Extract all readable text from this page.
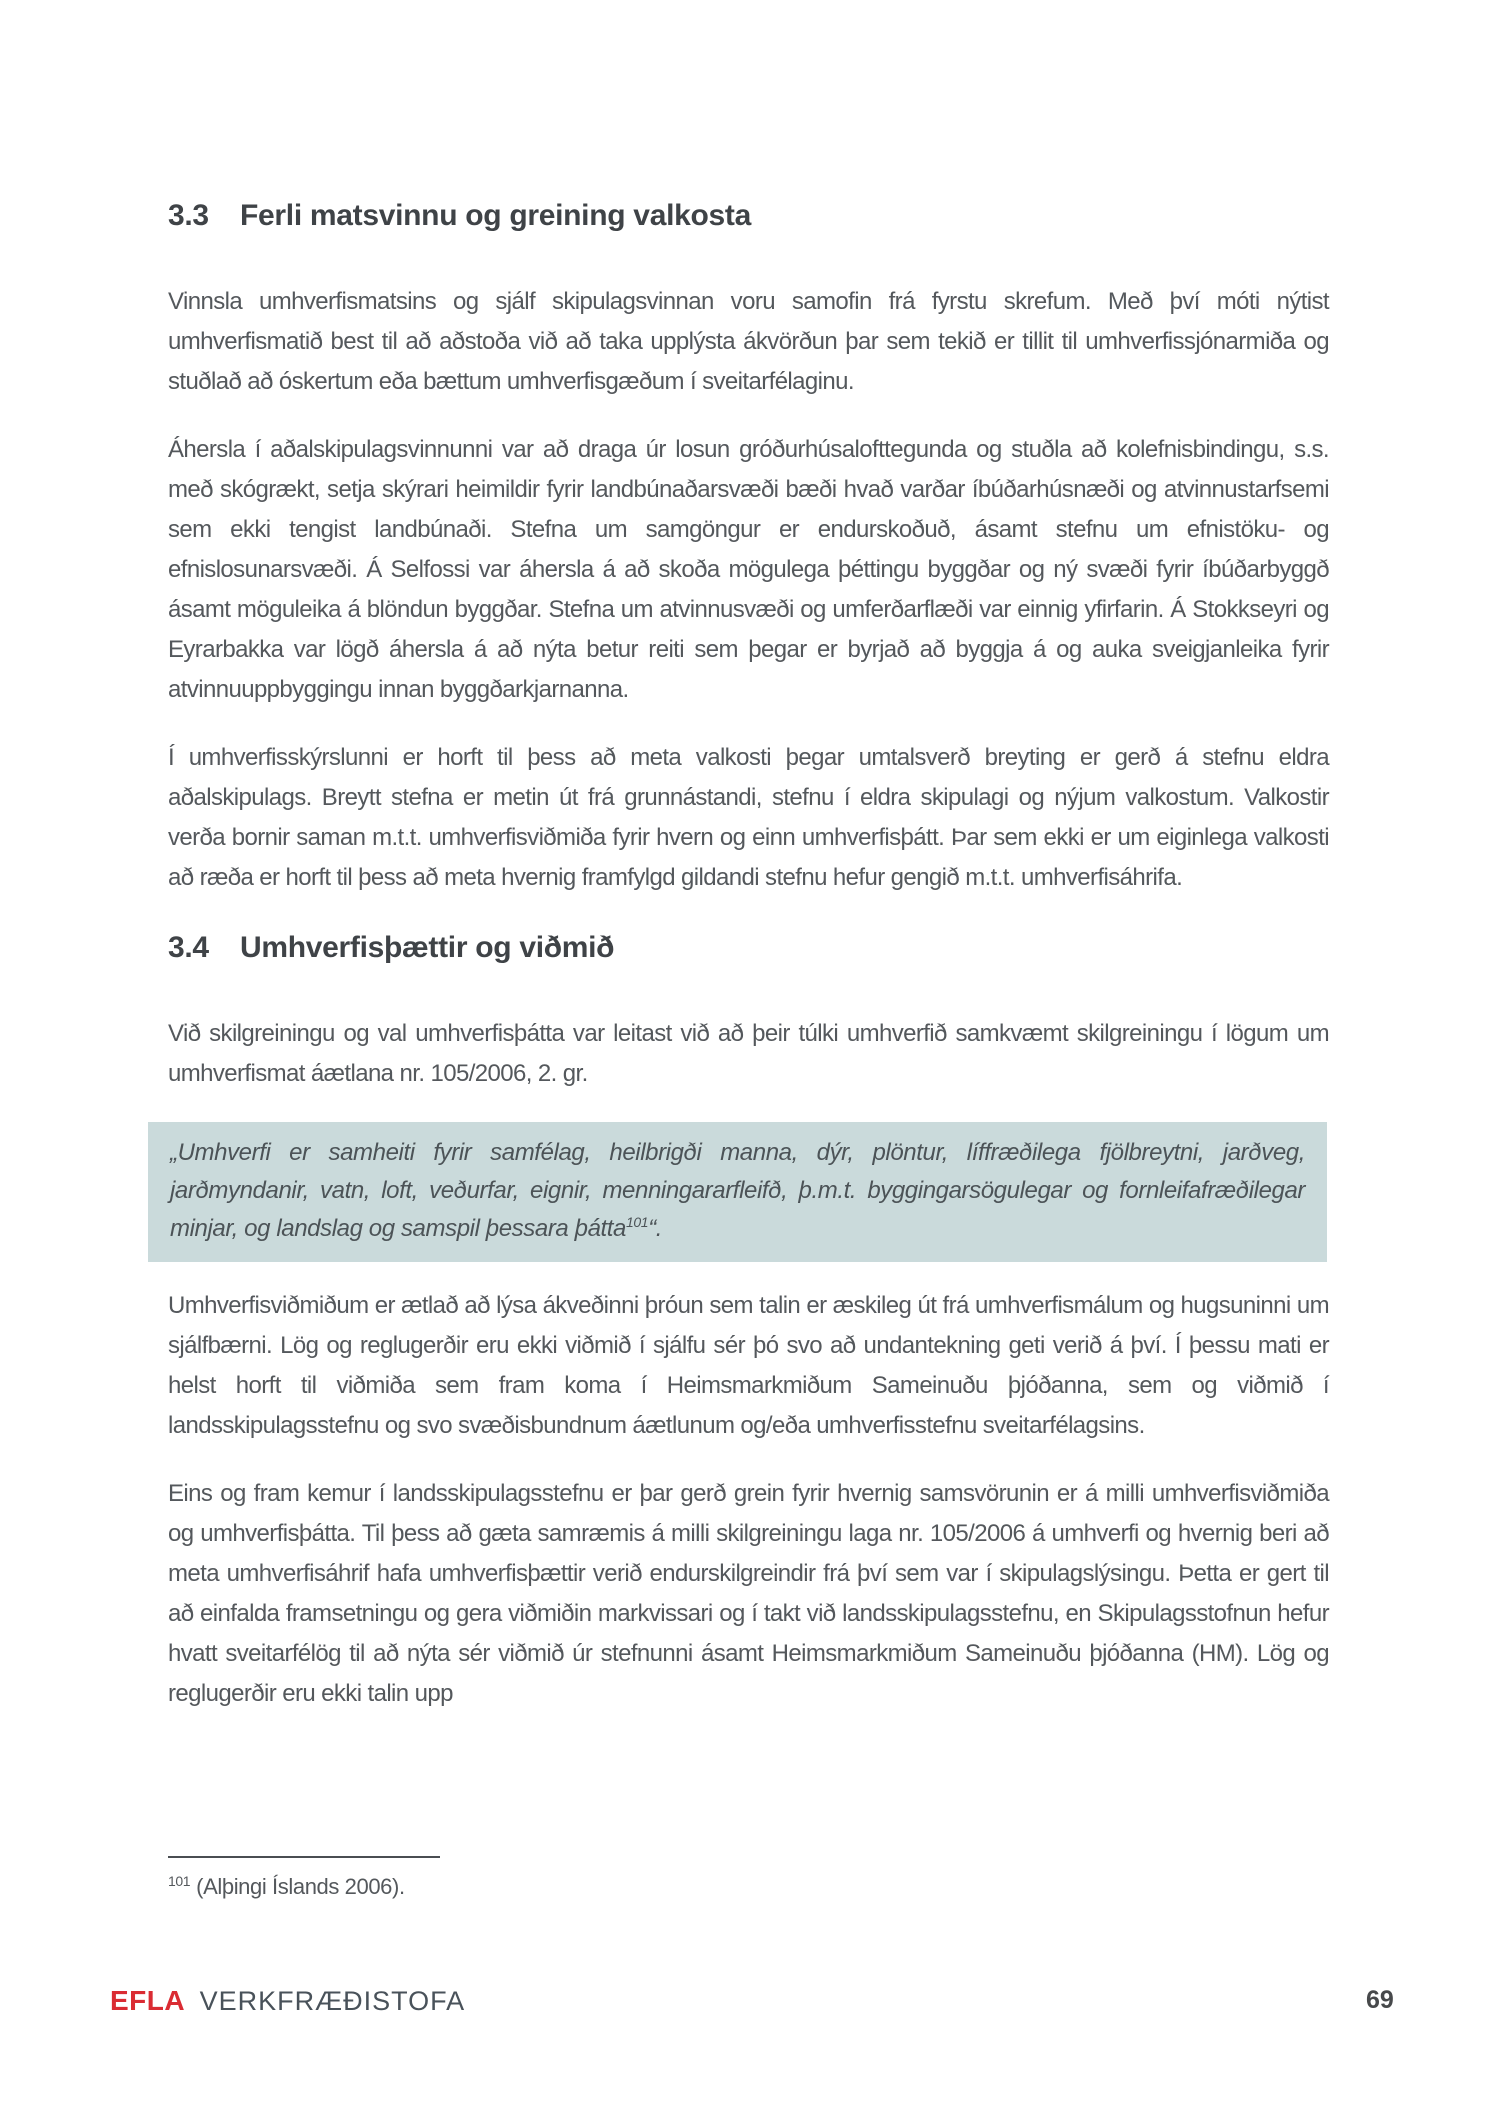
3.3	Ferli matsvinnu og greining valkosta

Vinnsla umhverfismatsins og sjálf skipulagsvinnan voru samofin frá fyrstu skrefum. Með því móti nýtist umhverfismatið best til að aðstoða við að taka upplýsta ákvörðun þar sem tekið er tillit til umhverfissjónarmiða og stuðlað að óskertum eða bættum umhverfisgæðum í sveitarfélaginu.

Áhersla í aðalskipulagsvinnunni var að draga úr losun gróðurhúsalofttegunda og stuðla að kolefnisbindingu, s.s. með skógrækt, setja skýrari heimildir fyrir landbúnaðarsvæði bæði hvað varðar íbúðarhúsnæði og atvinnustarfsemi sem ekki tengist landbúnaði. Stefna um samgöngur er endurskoðuð, ásamt stefnu um efnistöku- og efnislosunarsvæði. Á Selfossi var áhersla á að skoða mögulega þéttingu byggðar og ný svæði fyrir íbúðarbyggð ásamt möguleika á blöndun byggðar. Stefna um atvinnusvæði og umferðarflæði var einnig yfirfarin. Á Stokkseyri og Eyrarbakka var lögð áhersla á að nýta betur reiti sem þegar er byrjað að byggja á og auka sveigjanleika fyrir atvinnuuppbyggingu innan byggðarkjarnanna.

Í umhverfisskýrslunni er horft til þess að meta valkosti þegar umtalsverð breyting er gerð á stefnu eldra aðalskipulags. Breytt stefna er metin út frá grunnástandi, stefnu í eldra skipulagi og nýjum valkostum. Valkostir verða bornir saman m.t.t. umhverfisviðmiða fyrir hvern og einn umhverfisþátt. Þar sem ekki er um eiginlega valkosti að ræða er horft til þess að meta hvernig framfylgd gildandi stefnu hefur gengið m.t.t. umhverfisáhrifa.

3.4	Umhverfisþættir og viðmið

Við skilgreiningu og val umhverfisþátta var leitast við að þeir túlki umhverfið samkvæmt skilgreiningu í lögum um umhverfismat áætlana nr. 105/2006, 2. gr.

„Umhverfi er samheiti fyrir samfélag, heilbrigði manna, dýr, plöntur, líffræðilega fjölbreytni, jarðveg, jarðmyndanir, vatn, loft, veðurfar, eignir, menningararfleifð, þ.m.t. byggingarsögulegar og fornleifafræðilegar minjar, og landslag og samspil þessara þátta$^{101}$“.

Umhverfisviðmiðum er ætlað að lýsa ákveðinni þróun sem talin er æskileg út frá umhverfismálum og hugsuninni um sjálfbærni. Lög og reglugerðir eru ekki viðmið í sjálfu sér þó svo að undantekning geti verið á því. Í þessu mati er helst horft til viðmiða sem fram koma í Heimsmarkmiðum Sameinuðu þjóðanna, sem og viðmið í landsskipulagsstefnu og svo svæðisbundnum áætlunum og/eða umhverfisstefnu sveitarfélagsins.

Eins og fram kemur í landsskipulagsstefnu er þar gerð grein fyrir hvernig samsvörunin er á milli umhverfisviðmiða og umhverfisþátta. Til þess að gæta samræmis á milli skilgreiningu laga nr. 105/2006 á umhverfi og hvernig beri að meta umhverfisáhrif hafa umhverfisþættir verið endurskilgreindir frá því sem var í skipulagslýsingu. Þetta er gert til að einfalda framsetningu og gera viðmiðin markvissari og í takt við landsskipulagsstefnu, en Skipulagsstofnun hefur hvatt sveitarfélög til að nýta sér viðmið úr stefnunni ásamt Heimsmarkmiðum Sameinuðu þjóðanna (HM). Lög og reglugerðir eru ekki talin upp

$^{101}$ (Alþingi Íslands 2006).

EFLA VERKFRÆÐISTOFA	69
